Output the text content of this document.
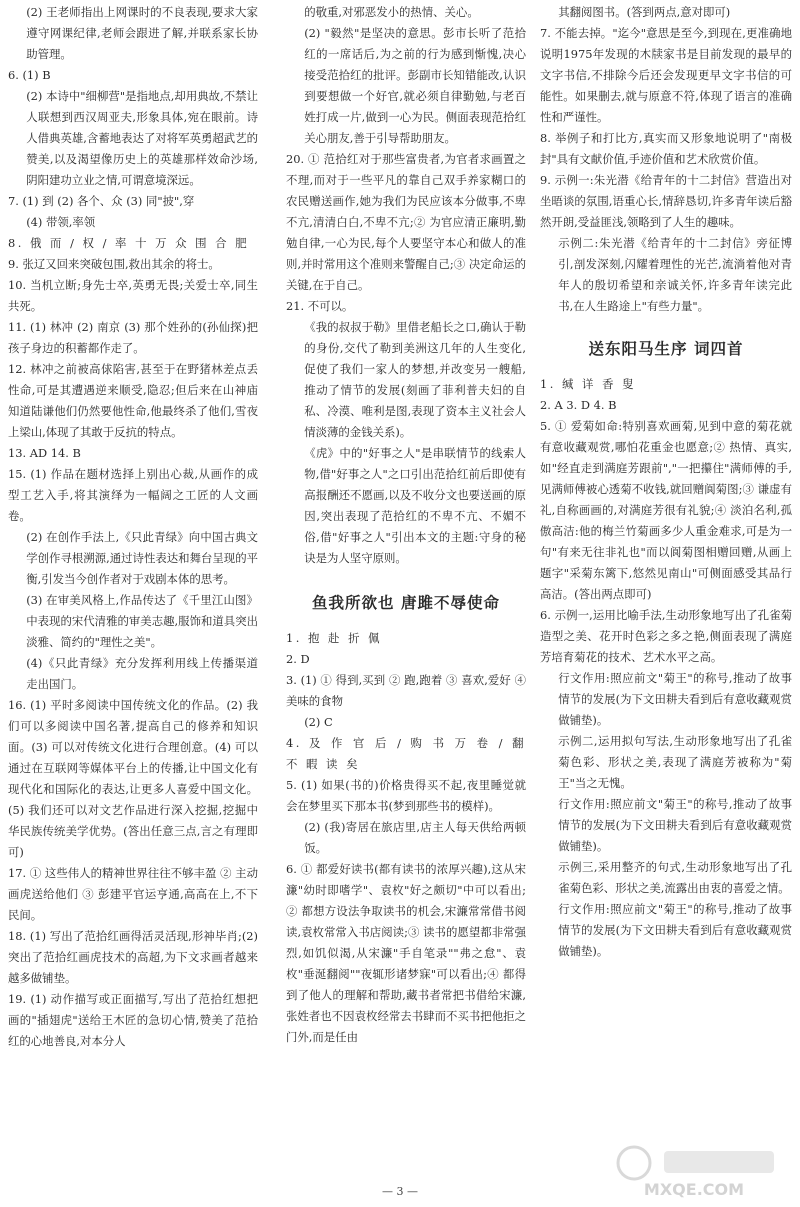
(2) 王老师指出上网课时的不良表现,要求大家遵守网课纪律,老师会跟进了解,并联系家长协助管理。

6. (1) B

(2) 本诗中"细柳营"是指地点,却用典故,不禁让人联想到西汉周亚夫,形象具体,宛在眼前。诗人借典英雄,含蓄地表达了对将军英勇超武艺的赞美,以及渴望像历史上的英雄那样效命沙场,阴阳建功立业之情,可谓意境深远。

7. (1) 到 (2) 各个、众 (3) 同"披",穿

(4) 带领,率领

8. 俄 而 / 权 / 率 十 万 众 围 合 肥

9. 张辽又回来突破包围,救出其余的将士。

10. 当机立断;身先士卒,英勇无畏;关爱士卒,同生共死。

11. (1) 林冲 (2) 南京 (3) 那个姓孙的(孙仙探)把孩子身边的积蓄都作走了。

12. 林冲之前被高俅陷害,甚至于在野猪林差点丢性命,可是其遭遇逆来顺受,隐忍;但后来在山神庙知道陆谦他们仍然要他性命,他最终杀了他们,雪夜上梁山,体现了其敢于反抗的特点。

13. AD 14. B

15. (1) 作品在题材选择上别出心裁,从画作的成型工艺入手,将其演绎为一幅阔之工匠的人文画卷。

(2) 在创作手法上,《只此青绿》向中国古典文学创作寻根溯源,通过诗性表达和舞台呈现的平衡,引发当今创作者对于戏剧本体的思考。

(3) 在审美风格上,作品传达了《千里江山图》中表现的宋代清雅的审美志趣,服饰和道具突出淡雅、简约的"理性之美"。

(4)《只此青绿》充分发挥利用线上传播渠道走出国门。

16. (1) 平时多阅读中国传统文化的作品。(2) 我们可以多阅读中国名著,提高自己的修养和知识面。(3) 可以对传统文化进行合理创意。(4) 可以通过在互联网等媒体平台上的传播,让中国文化有现代化和国际化的表达,让更多人喜爱中国文化。(5) 我们还可以对文艺作品进行深入挖掘,挖掘中华民族传统美学优势。(答出任意三点,言之有理即可)

17. ① 这些伟人的精神世界往往不够丰盈 ② 主动画虎送给他们 ③ 彭建平官运亨通,高高在上,不下民间。

18. (1) 写出了范拾红画得活灵活现,形神毕肖;(2) 突出了范拾红画虎技术的高超,为下文求画者越来越多做铺垫。

19. (1) 动作描写或正面描写,写出了范拾红想把画的"插翅虎"送给王木匠的急切心情,赞美了范拾红的心地善良,对本分人

的敬重,对邪恶发小的热情、关心。

(2) "毅然"是坚决的意思。彭市长听了范拾红的一席话后,为之前的行为感到惭愧,决心接受范拾红的批评。彭副市长知错能改,认识到要想做一个好官,就必须自律勤勉,与老百姓打成一片,做到一心为民。侧面表现范拾红关心朋友,善于引导帮助朋友。

20. ① 范拾红对于那些富贵者,为官者求画置之不理,而对于一些平凡的靠自己双手养家糊口的农民赠送画作,她为我们为民应该本分做事,不卑不亢,清清白白,不卑不亢;② 为官应清正廉明,勤勉自律,一心为民,每个人要坚守本心和做人的准则,并时常用这个准则来警醒自己;③ 决定命运的关键,在于自己。

21. 不可以。

《我的叔叔于勒》里借老船长之口,确认于勒的身份,交代了勒到美洲这几年的人生变化,促使了我们一家人的梦想,并改变另一艘船,推动了情节的发展(刻画了菲利普夫妇的自私、冷漠、唯利是图,表现了资本主义社会人情淡薄的金钱关系)。

《虎》中的"好事之人"是串联情节的线索人物,借"好事之人"之口引出范拾红前后即使有高报酬还不愿画,以及不收分文也要送画的原因,突出表现了范拾红的不卑不亢、不媚不俗,借"好事之人"引出本文的主题:守身的秘诀是为人坚守原则。

鱼我所欲也 唐雎不辱使命

1. 抱 赴 折 佩

2. D

3. (1) ① 得到,买到 ② 跑,跑着 ③ 喜欢,爱好 ④ 美味的食物

(2) C

4. 及 作 官 后 / 购 书 万 卷 / 翻 不 暇 读 矣

5. (1) 如果(书的)价格贵得买不起,夜里睡觉就会在梦里买下那本书(梦到那些书的模样)。

(2) (我)寄居在旅店里,店主人每天供给两顿饭。

6. ① 都爱好读书(都有读书的浓厚兴趣),这从宋濂"幼时即嗜学"、袁枚"好之颇切"中可以看出;② 都想方设法争取读书的机会,宋濂常常借书阅读,袁枚常常入书店阅读;③ 读书的愿望都非常强烈,如饥似渴,从宋濂"手自笔录""弗之怠"、袁枚"垂涎翻阅""夜辄形诸梦寐"可以看出;④ 都得到了他人的理解和帮助,藏书者常把书借给宋濂,张姓者也不因袁枚经常去书肆而不买书把他拒之门外,而是任由

其翻阅图书。(答到两点,意对即可)

7. 不能去掉。"迄今"意思是至今,到现在,更准确地说明1975年发现的木牍家书是目前发现的最早的文字书信,不排除今后还会发现更早文字书信的可能性。如果删去,就与原意不符,体现了语言的准确性和严谨性。

8. 举例子和打比方,真实而又形象地说明了"南极封"具有文献价值,手迹价值和艺术欣赏价值。

9. 示例一:朱光潜《给青年的十二封信》营造出对坐晤谈的氛围,语重心长,情辞恳切,许多青年读后豁然开朗,受益匪浅,领略到了人生的趣味。

示例二:朱光潜《给青年的十二封信》旁征博引,剖发深刻,闪耀着理性的光芒,流淌着他对青年人的殷切希望和亲诚关怀,许多青年读完此书,在人生路途上"有些力量"。

送东阳马生序 词四首

1. 缄 详 香 叟

2. A 3. D 4. B

5. ① 爱菊如命:特别喜欢画菊,见到中意的菊花就有意收藏观赏,哪怕花重金也愿意;② 热情、真实,如"经直走到满庭芳跟前","一把攥住"满师傅的手,见满师傅被心透菊不收钱,就回赠阆菊图;③ 谦虚有礼,自称画画的,对满庭芳很有礼貌;④ 淡泊名利,孤傲高洁:他的梅兰竹菊画多少人重金难求,可是为一句"有来无往非礼也"而以阆菊图相赠回赠,从画上题字"采菊东篱下,悠然见南山"可侧面感受其品行高洁。(答出两点即可)

6. 示例一,运用比喻手法,生动形象地写出了孔雀菊造型之美、花开时色彩之多之艳,侧面表现了满庭芳培育菊花的技术、艺术水平之高。

行文作用:照应前文"菊王"的称号,推动了故事情节的发展(为下文田耕夫看到后有意收藏观赏做铺垫)。

示例二,运用拟句写法,生动形象地写出了孔雀菊色彩、形状之美,表现了满庭芳被称为"菊王"当之无愧。

行文作用:照应前文"菊王"的称号,推动了故事情节的发展(为下文田耕夫看到后有意收藏观赏做铺垫)。

示例三,采用整齐的句式,生动形象地写出了孔雀菊色彩、形状之美,流露出由衷的喜爱之情。

行文作用:照应前文"菊王"的称号,推动了故事情节的发展(为下文田耕夫看到后有意收藏观赏做铺垫)。

— 3 —	MXQE.COM
